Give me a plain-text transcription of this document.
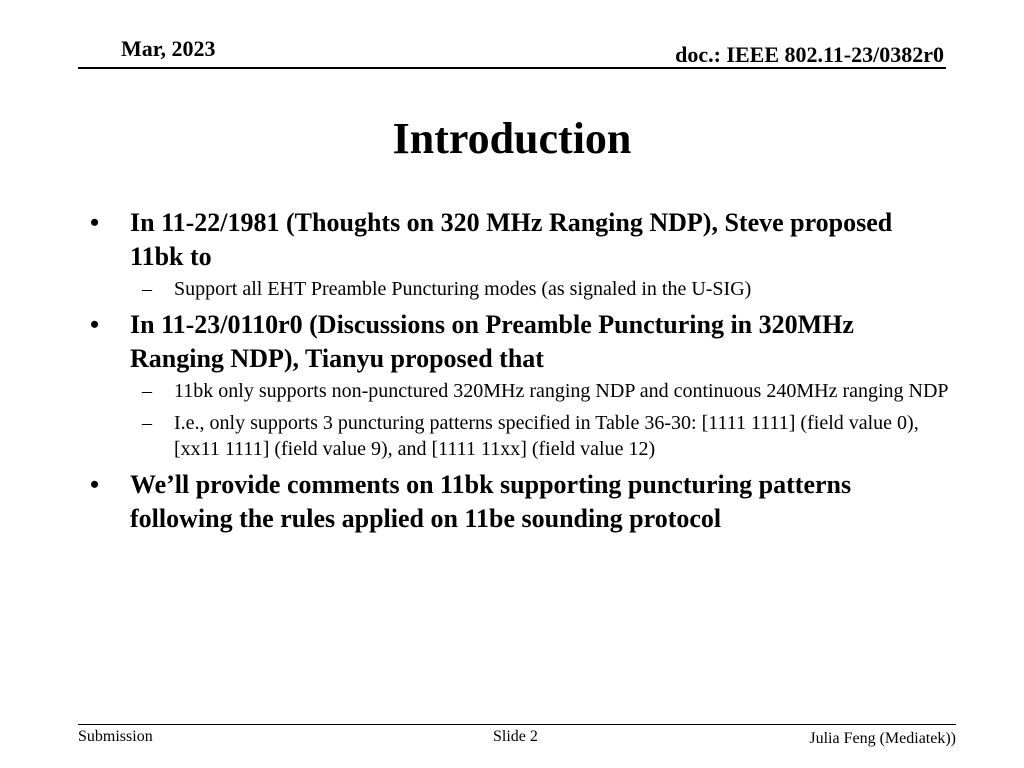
Mar, 2023	doc.: IEEE 802.11-23/0382r0
Introduction
• In 11-22/1981 (Thoughts on 320 MHz Ranging NDP), Steve proposed 11bk to
– Support all EHT Preamble Puncturing modes (as signaled in the U-SIG)
• In 11-23/0110r0 (Discussions on Preamble Puncturing in 320MHz Ranging NDP), Tianyu proposed that
– 11bk only supports non-punctured 320MHz ranging NDP and continuous 240MHz ranging NDP
– I.e., only supports 3 puncturing patterns specified in Table 36-30: [1111 1111] (field value 0), [xx11 1111] (field value 9), and [1111 11xx] (field value 12)
• We’ll provide comments on 11bk supporting puncturing patterns following the rules applied on 11be sounding protocol
Submission	Slide 2	Julia Feng (Mediatek))
